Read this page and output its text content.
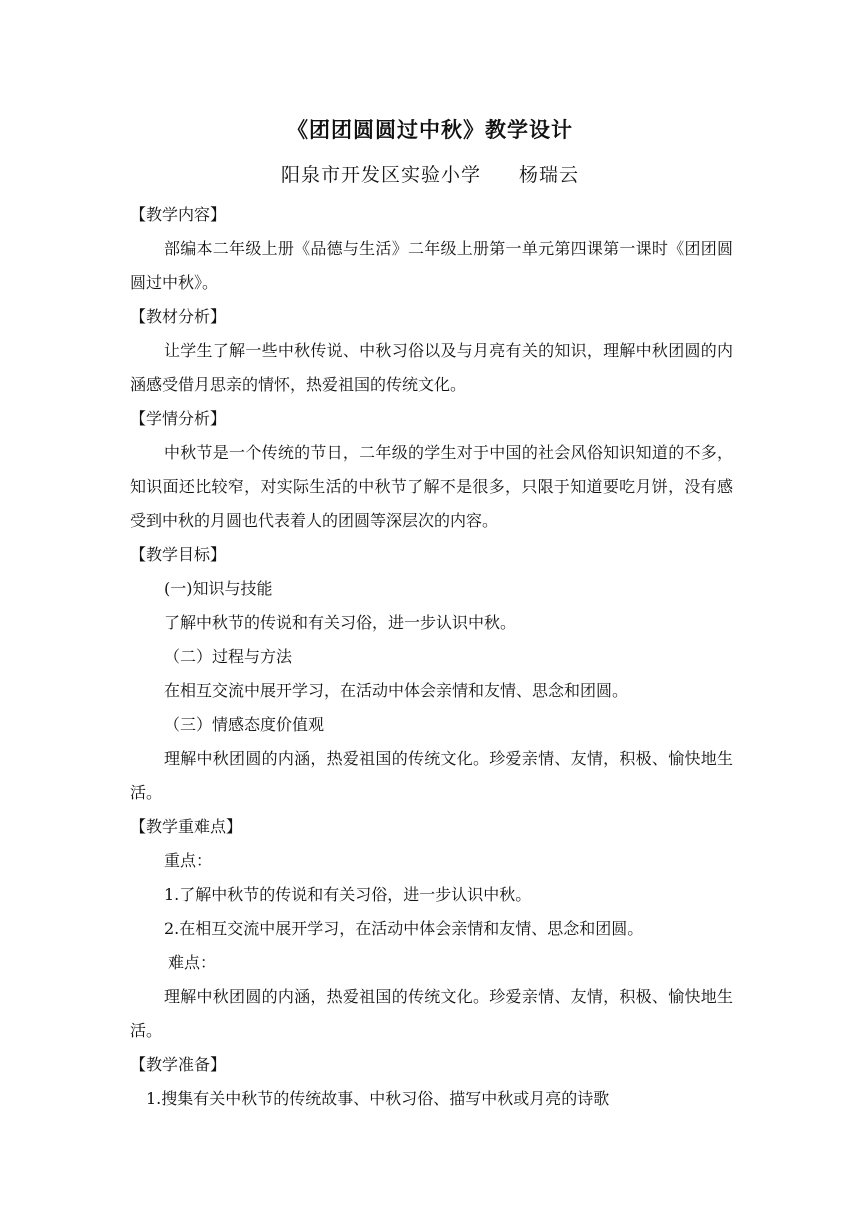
《团团圆圆过中秋》教学设计
阳泉市开发区实验小学 杨瑞云

【教学内容】

部编本二年级上册《品德与生活》二年级上册第一单元第四课第一课时《团团圆圆过中秋》。

【教材分析】

让学生了解一些中秋传说、中秋习俗以及与月亮有关的知识，理解中秋团圆的内涵感受借月思亲的情怀，热爱祖国的传统文化。

【学情分析】

中秋节是一个传统的节日，二年级的学生对于中国的社会风俗知识知道的不多，知识面还比较窄，对实际生活的中秋节了解不是很多，只限于知道要吃月饼，没有感受到中秋的月圆也代表着人的团圆等深层次的内容。

【教学目标】

(一)知识与技能

了解中秋节的传说和有关习俗，进一步认识中秋。

（二）过程与方法

在相互交流中展开学习，在活动中体会亲情和友情、思念和团圆。

（三）情感态度价值观

理解中秋团圆的内涵，热爱祖国的传统文化。珍爱亲情、友情，积极、愉快地生活。

【教学重难点】

重点：

1.了解中秋节的传说和有关习俗，进一步认识中秋。

2.在相互交流中展开学习，在活动中体会亲情和友情、思念和团圆。

难点：

理解中秋团圆的内涵，热爱祖国的传统文化。珍爱亲情、友情，积极、愉快地生活。

【教学准备】

1.搜集有关中秋节的传统故事、中秋习俗、描写中秋或月亮的诗歌
